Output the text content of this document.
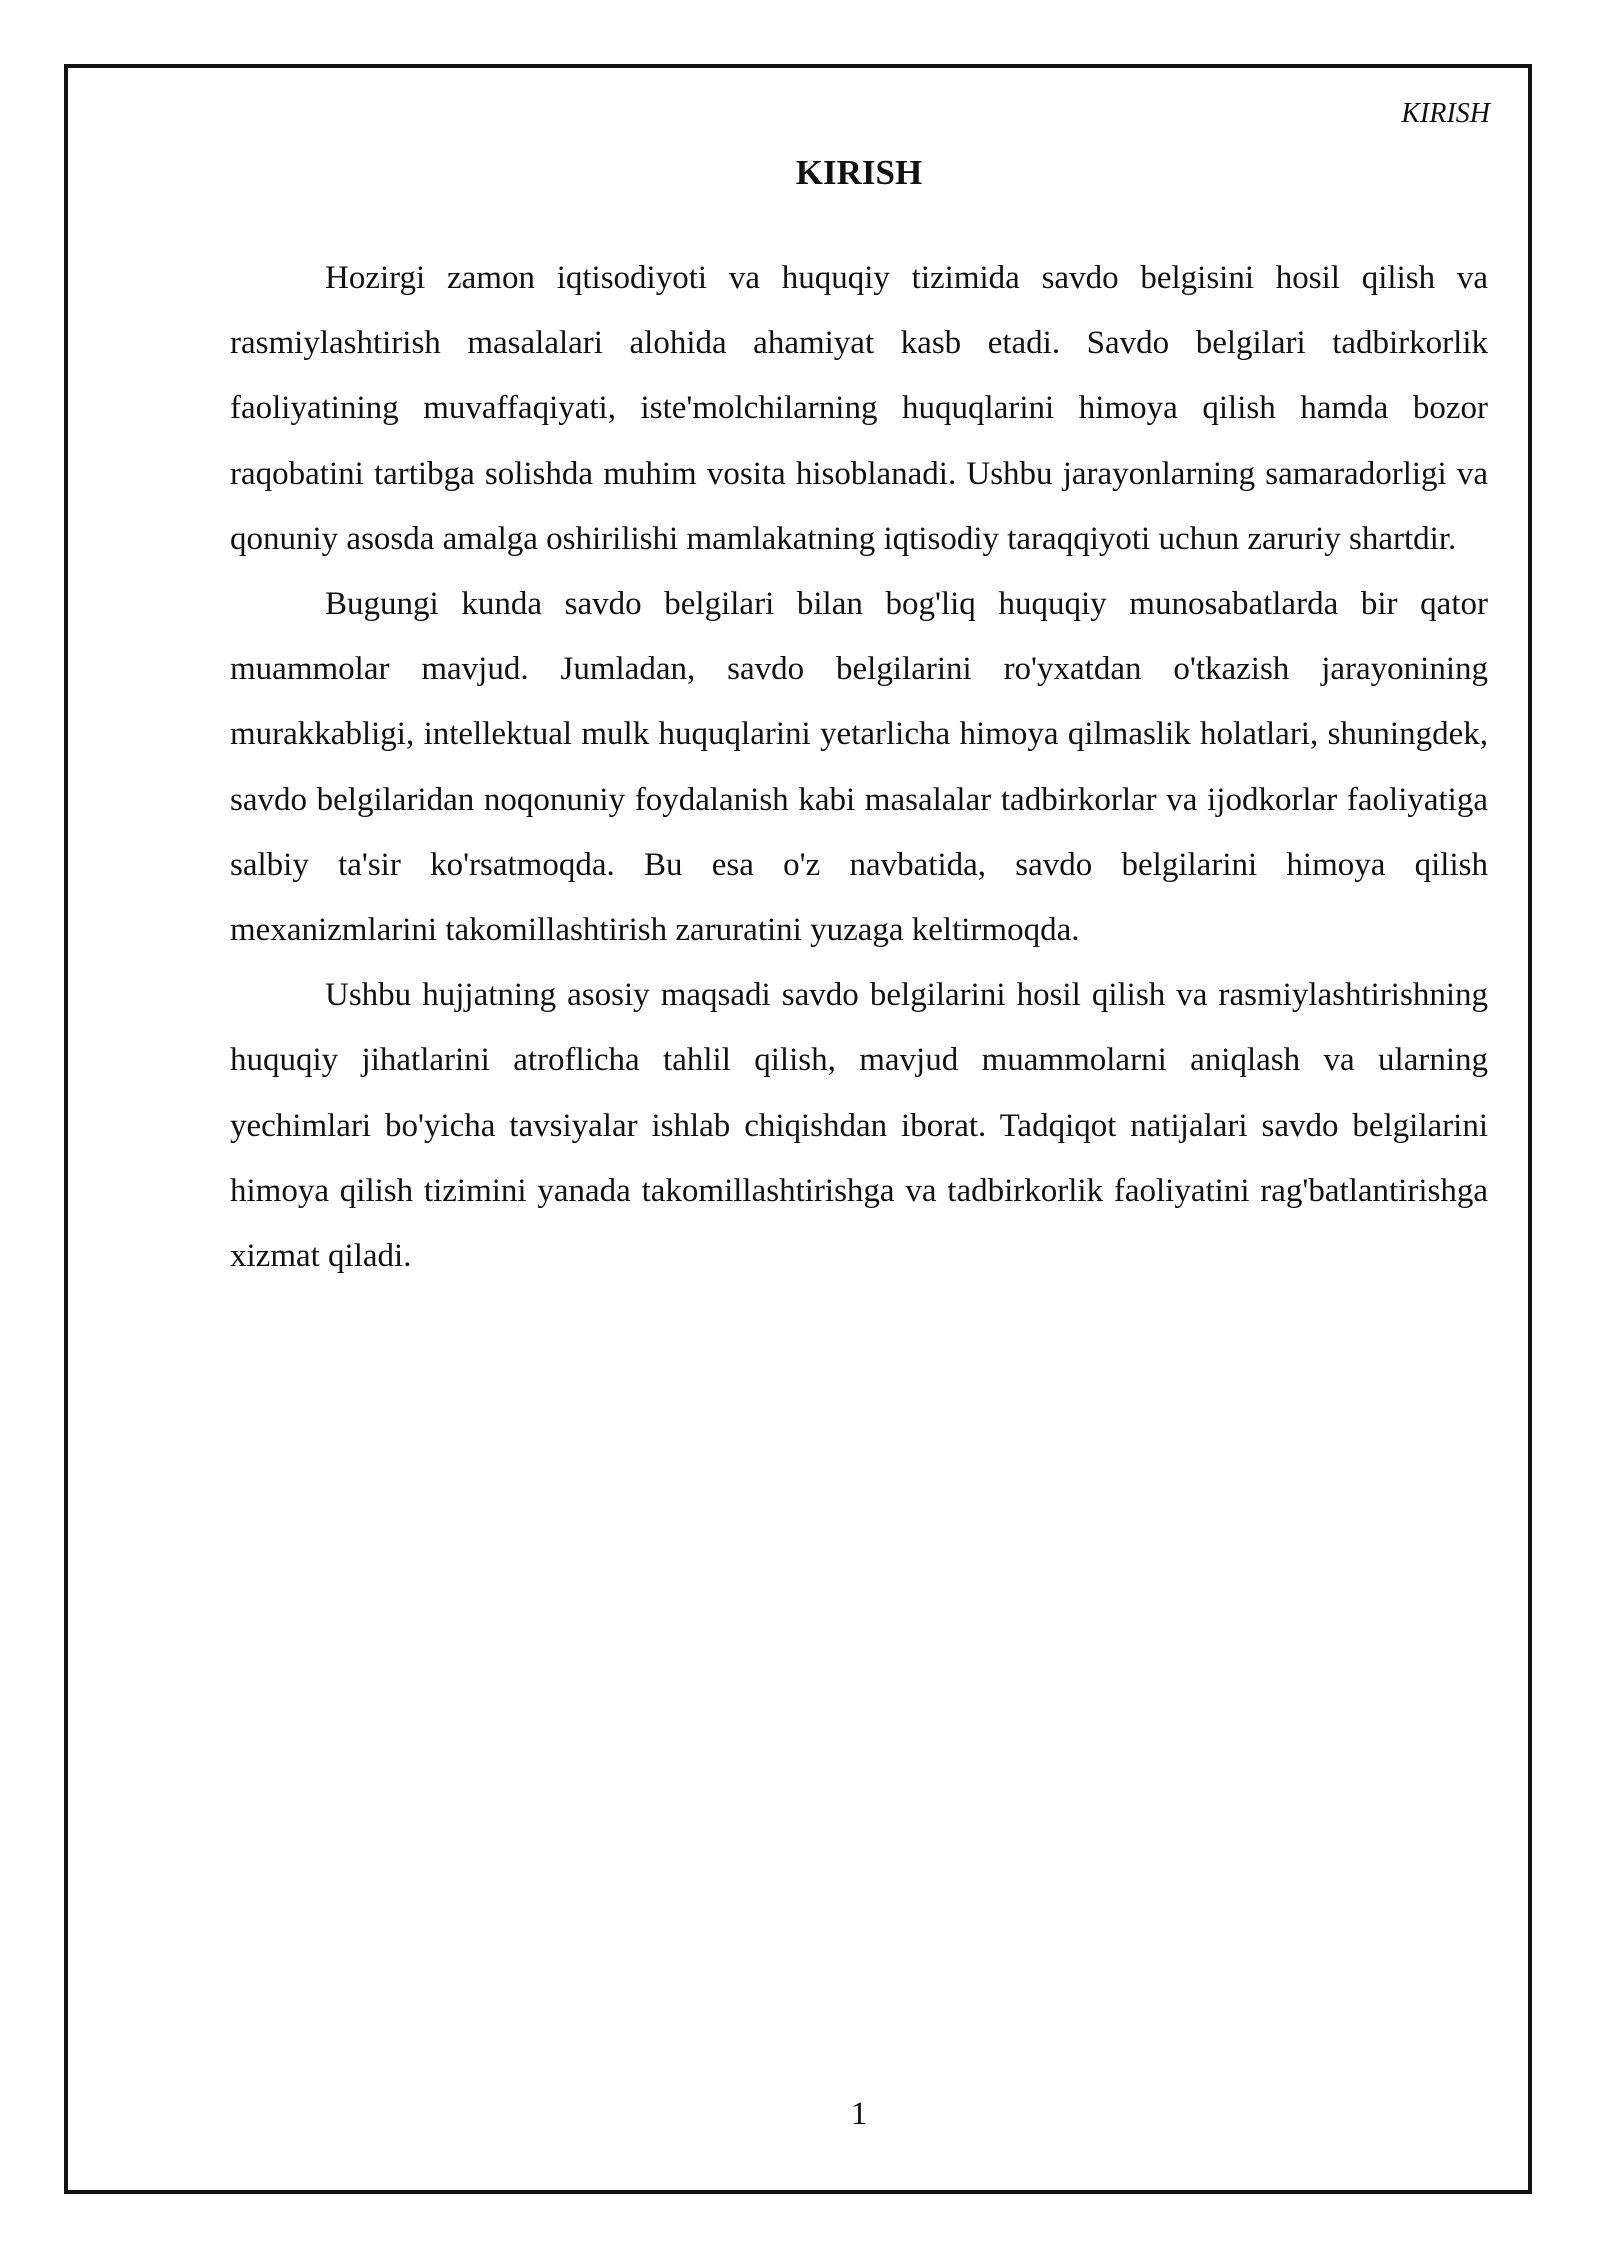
KIRISH

KIRISH

Hozirgi zamon iqtisodiyoti va huquqiy tizimida savdo belgisini hosil qilish va rasmiylashtirish masalalari alohida ahamiyat kasb etadi. Savdo belgilari tadbirkorlik faoliyatining muvaffaqiyati, iste'molchilarning huquqlarini himoya qilish hamda bozor raqobatini tartibga solishda muhim vosita hisoblanadi. Ushbu jarayonlarning samaradorligi va qonuniy asosda amalga oshirilishi mamlakatning iqtisodiy taraqqiyoti uchun zaruriy shartdir.

Bugungi kunda savdo belgilari bilan bog'liq huquqiy munosabatlarda bir qator muammolar mavjud. Jumladan, savdo belgilarini ro'yxatdan o'tkazish jarayonining murakkabligi, intellektual mulk huquqlarini yetarlicha himoya qilmaslik holatlari, shuningdek, savdo belgilaridan noqonuniy foydalanish kabi masalalar tadbirkorlar va ijodkorlar faoliyatiga salbiy ta'sir ko'rsatmoqda. Bu esa o'z navbatida, savdo belgilarini himoya qilish mexanizmlarini takomillashtirish zaruratini yuzaga keltirmoqda.

Ushbu hujjatning asosiy maqsadi savdo belgilarini hosil qilish va rasmiylashtirishning huquqiy jihatlarini atroflicha tahlil qilish, mavjud muammolarni aniqlash va ularning yechimlari bo'yicha tavsiyalar ishlab chiqishdan iborat. Tadqiqot natijalari savdo belgilarini himoya qilish tizimini yanada takomillashtirishga va tadbirkorlik faoliyatini rag'batlantirishga xizmat qiladi.

1
